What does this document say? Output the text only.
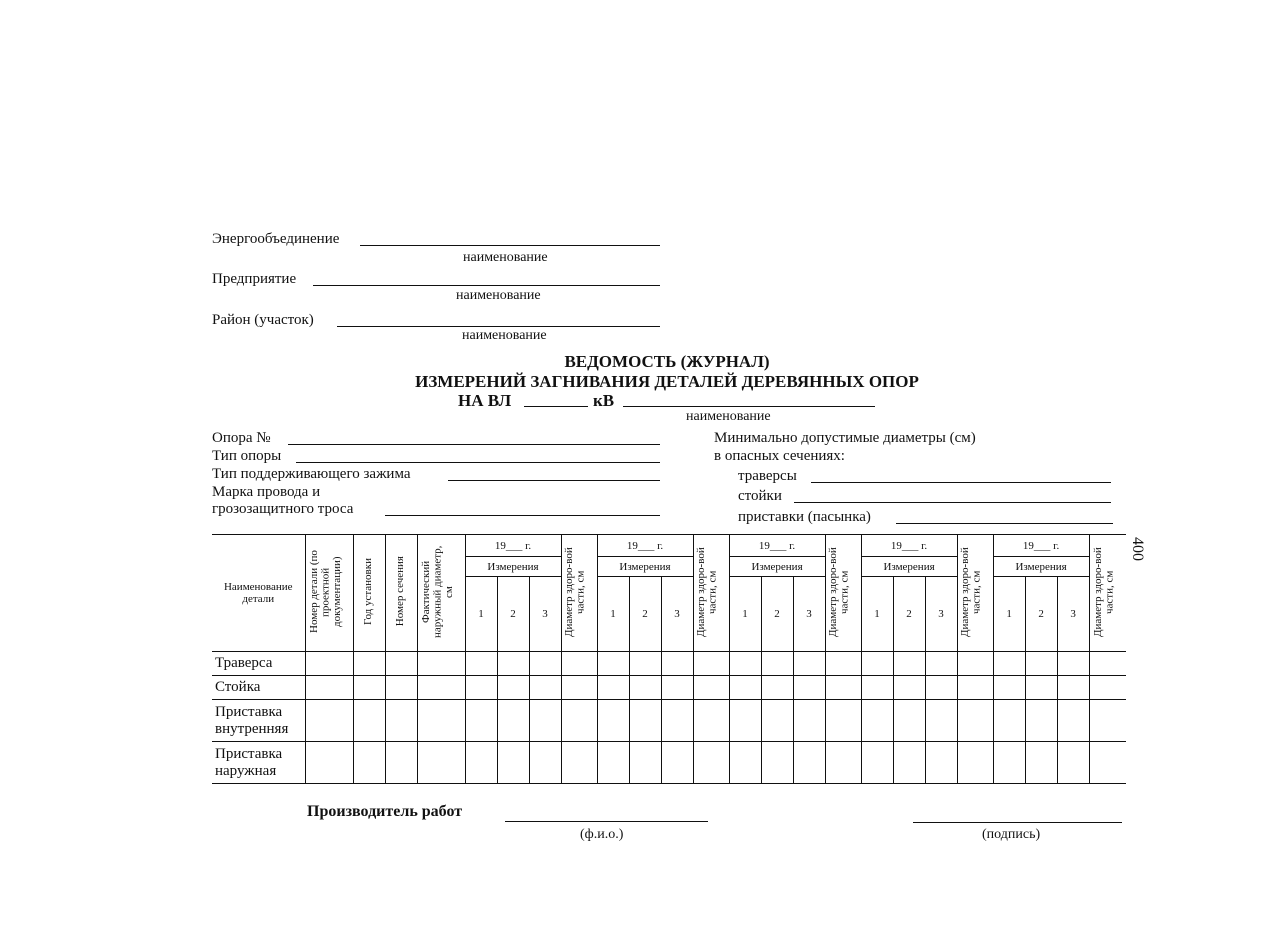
Энергообъединение
наименование
Предприятие
наименование
Район (участок)
наименование
ВЕДОМОСТЬ (ЖУРНАЛ)
ИЗМЕРЕНИЙ ЗАГНИВАНИЯ ДЕТАЛЕЙ ДЕРЕВЯННЫХ ОПОР
НА ВЛ	кВ
наименование
Опора №
Тип опоры
Тип поддерживающего зажима
Марка провода и
грозозащитного троса
Минимально допустимые диаметры (см)
в опасных сечениях:
траверсы
стойки
приставки (пасынка)
400
Наименование детали	Номер детали (по проектной документации)	Год установки	Номер сечения	Фактический наружный диаметр, см	19___ г.			Диаметр здоро-вой части, см	19___ г.			Диаметр здоро-вой части, см	19___ г.			Диаметр здоро-вой части, см	19___ г.			Диаметр здоро-вой части, см	19___ г.			Диаметр здоро-вой части, см
					Измерения				Измерения				Измерения				Измерения				Измерения			
					1	2	3		1	2	3		1	2	3		1	2	3		1	2	3	

Траверса																								

Стойка																								

Приставка
внутренняя																								

Приставка
наружная																								

Производитель работ
(ф.и.о.)	(подпись)
